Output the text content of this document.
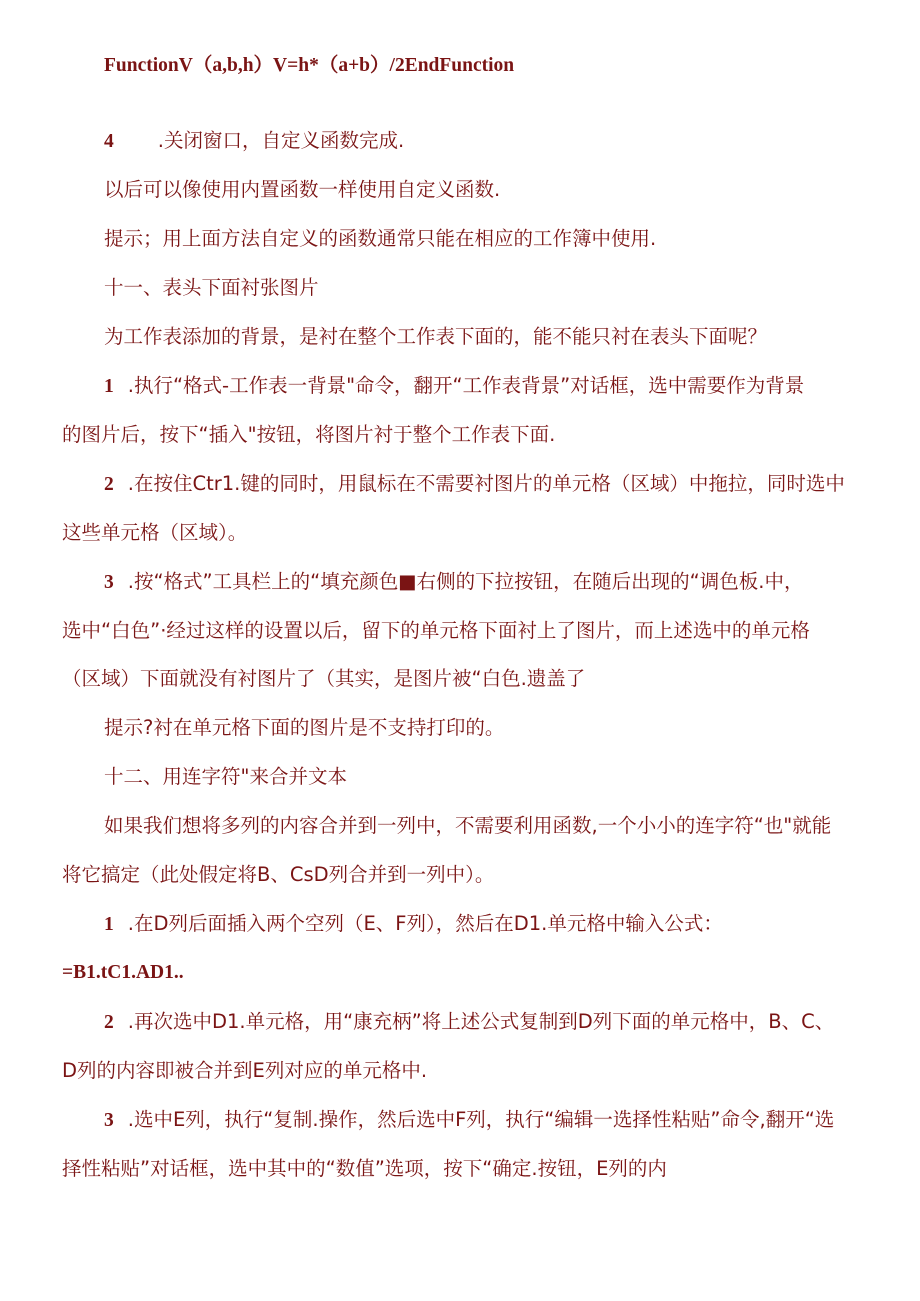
FunctionV（a,b,h）V=h*（a+b）/2EndFunction
4 .关闭窗口，自定义函数完成.
以后可以像使用内置函数一样使用自定义函数.
提示；用上面方法自定义的函数通常只能在相应的工作簿中使用.
十一、表头下面衬张图片
为工作表添加的背景，是衬在整个工作表下面的，能不能只衬在表头下面呢？
1 .执行“格式-工作表一背景"命令，翻开“工作表背景”对话框，选中需要作为背景
的图片后，按下“插入"按钮，将图片衬于整个工作表下面.
2 .在按住Ctr1.键的同时，用鼠标在不需要衬图片的单元格（区域）中拖拉，同时选中
这些单元格（区域）。
3 .按“格式”工具栏上的“填充颜色■右侧的下拉按钮，在随后出现的“调色板.中，
选中“白色”·经过这样的设置以后，留下的单元格下面衬上了图片，而上述选中的单元格
（区域）下面就没有衬图片了（其实，是图片被“白色.遗盖了
提示?衬在单元格下面的图片是不支持打印的。
十二、用连字符"来合并文本
如果我们想将多列的内容合并到一列中，不需要利用函数,一个小小的连字符“也"就能
将它搞定（此处假定将B、CsD列合并到一列中）。
1 .在D列后面插入两个空列（E、F列），然后在D1.单元格中输入公式：
=B1.tC1.AD1..
2 .再次选中D1.单元格，用“康充柄”将上述公式复制到D列下面的单元格中，B、C、
D列的内容即被合并到E列对应的单元格中.
3 .选中E列，执行“复制.操作，然后选中F列，执行“编辑一选择性粘贴”命令,翻开“选
择性粘贴”对话框，选中其中的“数值”选项，按下“确定.按钮，E列的内
